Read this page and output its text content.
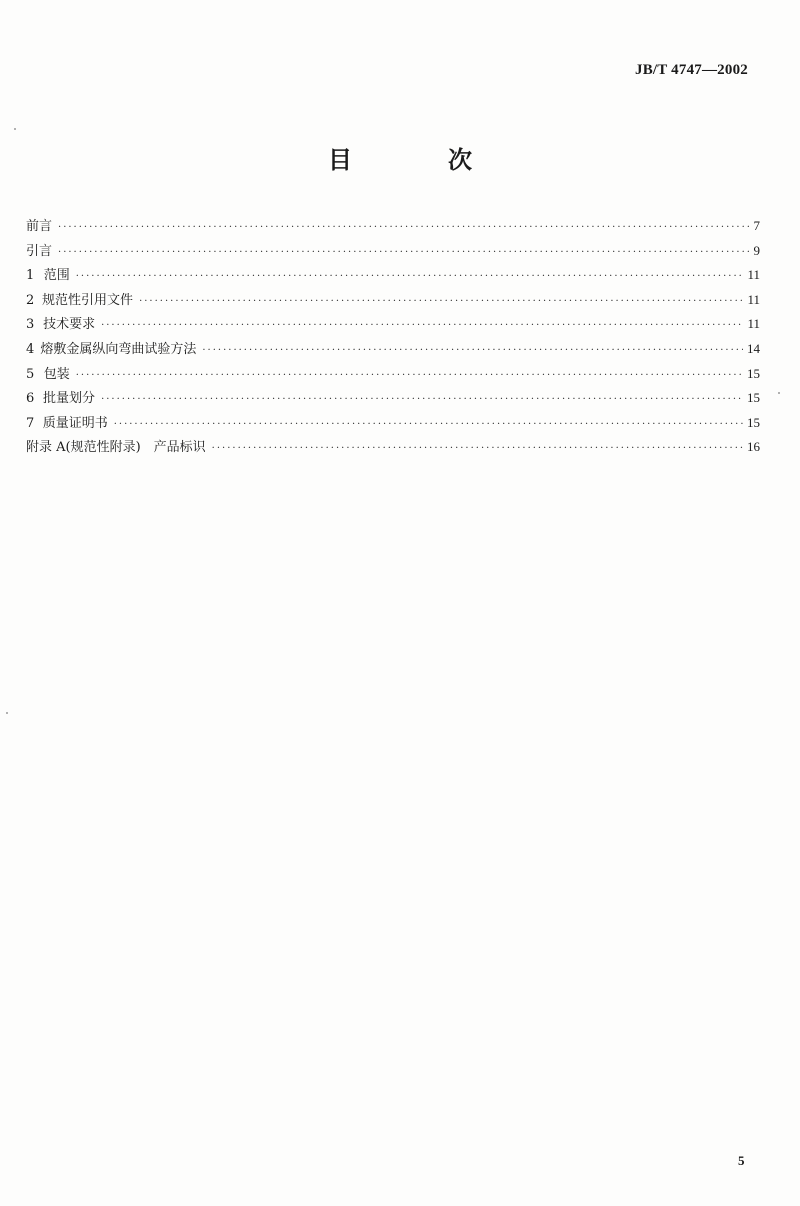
JB/T 4747—2002
目　次
前言 ·····	7
引言 ·····	9
1 范围 ·····	11
2 规范性引用文件 ·····	11
3 技术要求 ·····	11
4 熔敷金属纵向弯曲试验方法 ·····	14
5 包装 ·····	15
6 批量划分 ·····	15
7 质量证明书 ·····	15
附录 A(规范性附录)　产品标识 ·····	16
5
